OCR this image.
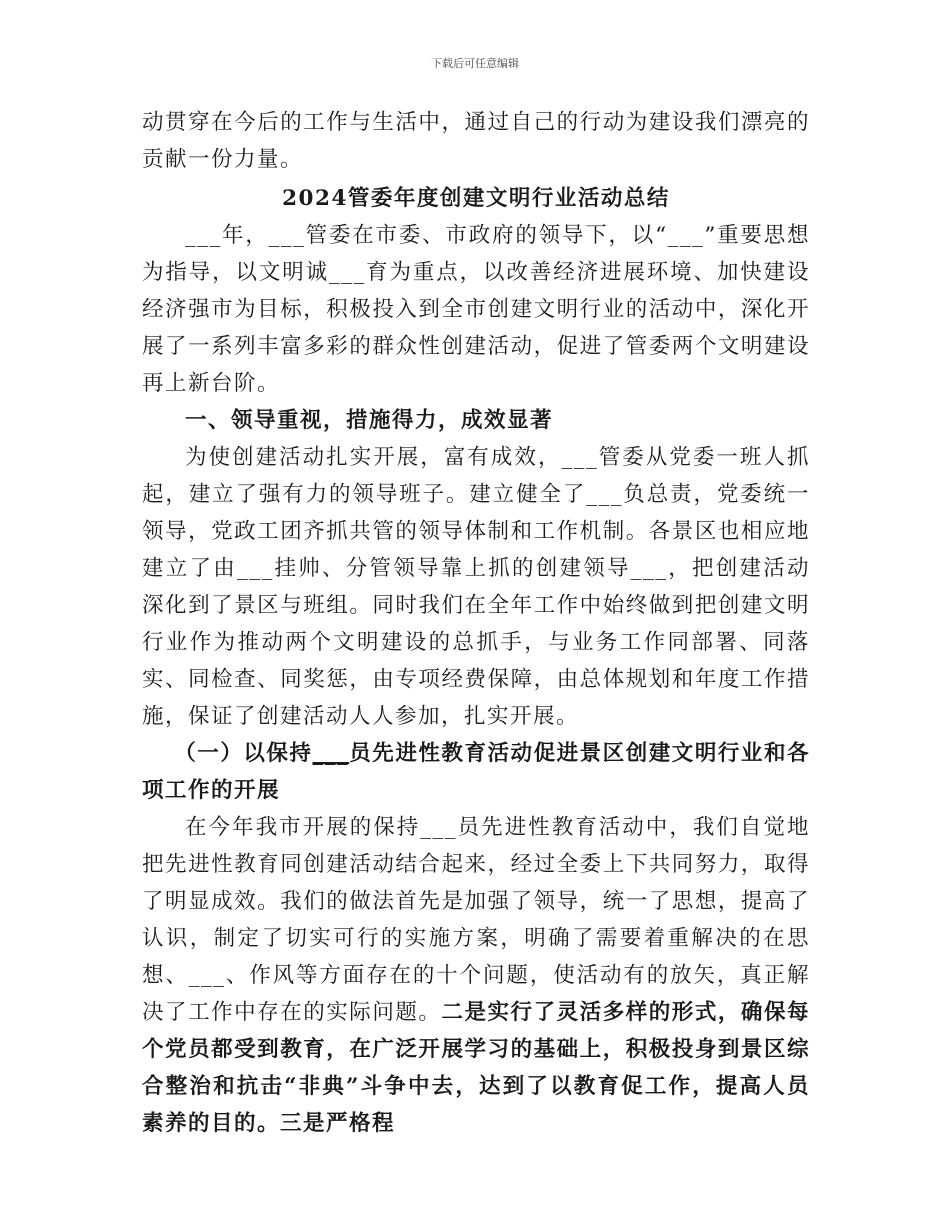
下载后可任意编辑

动贯穿在今后的工作与生活中，通过自己的行动为建设我们漂亮的贡献一份力量。

2024管委年度创建文明行业活动总结

___年，___管委在市委、市政府的领导下，以“___”重要思想为指导，以文明诚___育为重点，以改善经济进展环境、加快建设经济强市为目标，积极投入到全市创建文明行业的活动中，深化开展了一系列丰富多彩的群众性创建活动，促进了管委两个文明建设再上新台阶。

一、领导重视，措施得力，成效显著

为使创建活动扎实开展，富有成效，___管委从党委一班人抓起，建立了强有力的领导班子。建立健全了___负总责，党委统一领导，党政工团齐抓共管的领导体制和工作机制。各景区也相应地建立了由___挂帅、分管领导靠上抓的创建领导___，把创建活动深化到了景区与班组。同时我们在全年工作中始终做到把创建文明行业作为推动两个文明建设的总抓手，与业务工作同部署、同落实、同检查、同奖惩，由专项经费保障，由总体规划和年度工作措施，保证了创建活动人人参加，扎实开展。

（一）以保持___员先进性教育活动促进景区创建文明行业和各项工作的开展

在今年我市开展的保持___员先进性教育活动中，我们自觉地把先进性教育同创建活动结合起来，经过全委上下共同努力，取得了明显成效。我们的做法首先是加强了领导，统一了思想，提高了认识，制定了切实可行的实施方案，明确了需要着重解决的在思想、___、作风等方面存在的十个问题，使活动有的放矢，真正解决了工作中存在的实际问题。二是实行了灵活多样的形式，确保每个党员都受到教育，在广泛开展学习的基础上，积极投身到景区综合整治和抗击“非典”斗争中去，达到了以教育促工作，提高人员素养的目的。三是严格程
